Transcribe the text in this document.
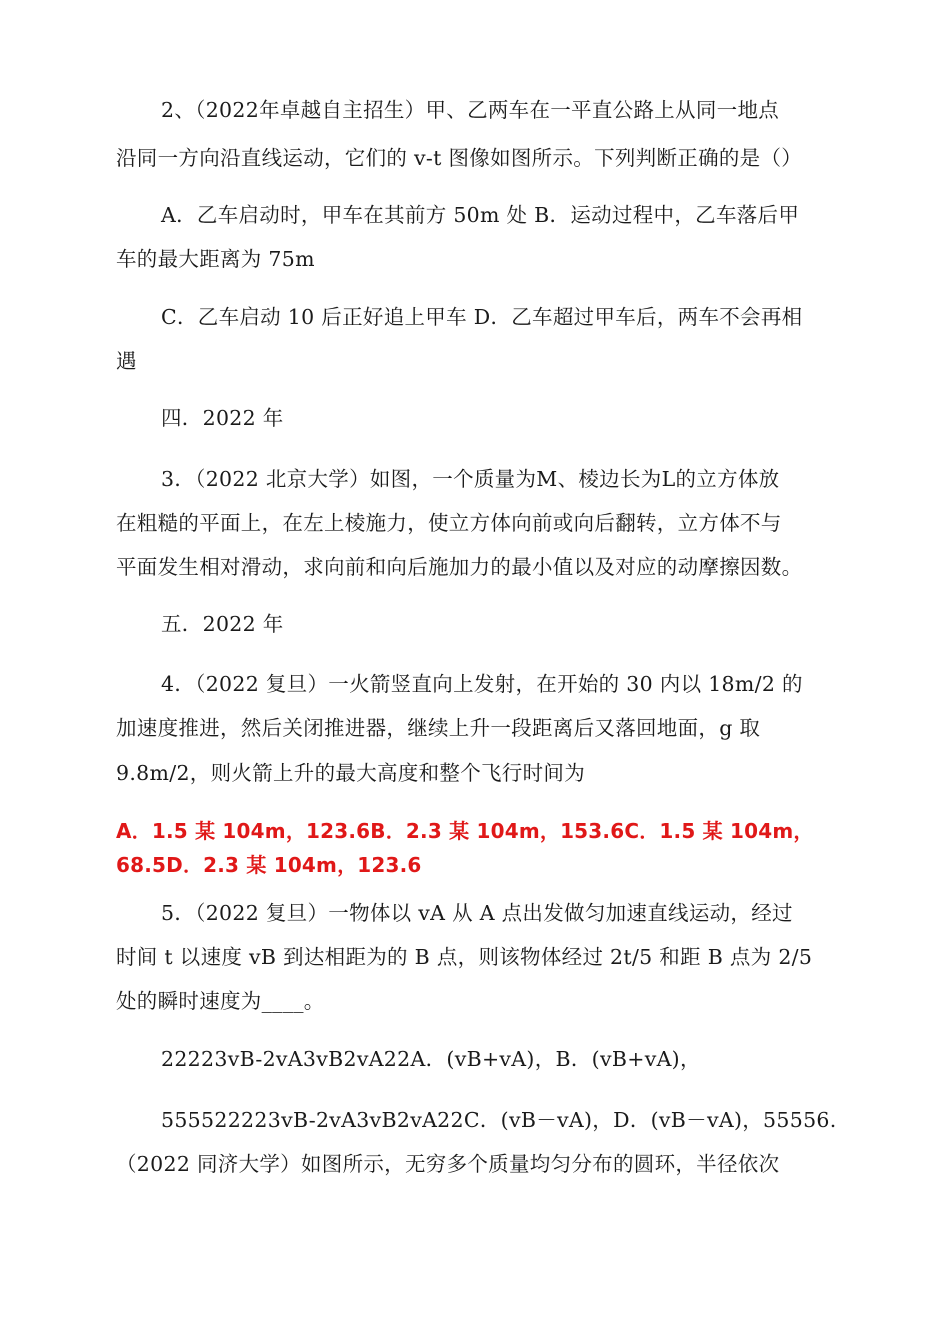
2、（2022年卓越自主招生）甲、乙两车在一平直公路上从同一地点
沿同一方向沿直线运动，它们的 v-t 图像如图所示。下列判断正确的是（）
A．乙车启动时，甲车在其前方 50m 处 B．运动过程中，乙车落后甲
车的最大距离为 75m
C．乙车启动 10 后正好追上甲车 D．乙车超过甲车后，两车不会再相
遇
四．2022 年
3．（2022 北京大学）如图，一个质量为M、棱边长为L的立方体放
在粗糙的平面上，在左上棱施力，使立方体向前或向后翻转，立方体不与
平面发生相对滑动，求向前和向后施加力的最小值以及对应的动摩擦因数。
五．2022 年
4．（2022 复旦）一火箭竖直向上发射，在开始的 30 内以 18m/2 的
加速度推进，然后关闭推进器，继续上升一段距离后又落回地面，g 取
9.8m/2，则火箭上升的最大高度和整个飞行时间为
A．1.5 某 104m，123.6B．2.3 某 104m，153.6C．1.5 某 104m，
68.5D．2.3 某 104m，123.6
5．（2022 复旦）一物体以 vA 从 A 点出发做匀加速直线运动，经过
时间 t 以速度 vB 到达相距为的 B 点，则该物体经过 2t/5 和距 B 点为 2/5
处的瞬时速度为____。
22223vB-2vA3vB2vA22A．(vB+vA)，B．(vB+vA)，
555522223vB-2vA3vB2vA22C．(vB－vA)，D．(vB－vA)，55556.
（2022 同济大学）如图所示，无穷多个质量均匀分布的圆环，半径依次
